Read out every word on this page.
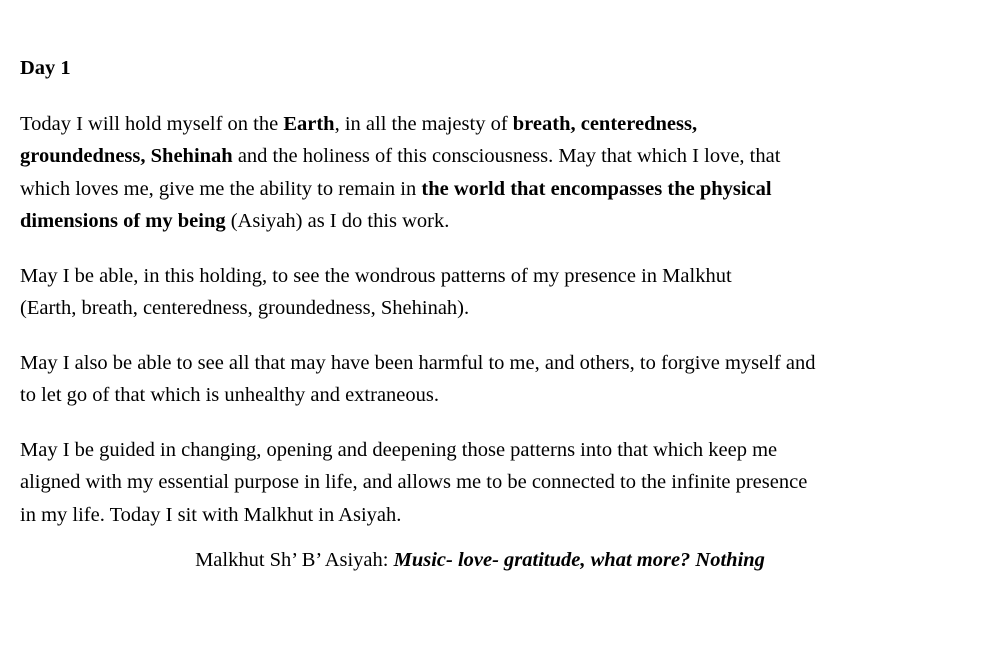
Day 1

Today I will hold myself on the Earth, in all the majesty of breath, centeredness,
groundedness, Shehinah and the holiness of this consciousness. May that which I love, that
which loves me, give me the ability to remain in the world that encompasses the physical
dimensions of my being (Asiyah) as I do this work.

May I be able, in this holding, to see the wondrous patterns of my presence in Malkhut
(Earth, breath, centeredness, groundedness, Shehinah).

May I also be able to see all that may have been harmful to me, and others, to forgive myself and
to let go of that which is unhealthy and extraneous.

May I be guided in changing, opening and deepening those patterns into that which keep me
aligned with my essential purpose in life, and allows me to be connected to the infinite presence
in my life. Today I sit with Malkhut in Asiyah.

Malkhut Sh’ B’ Asiyah: Music- love- gratitude, what more? Nothing
